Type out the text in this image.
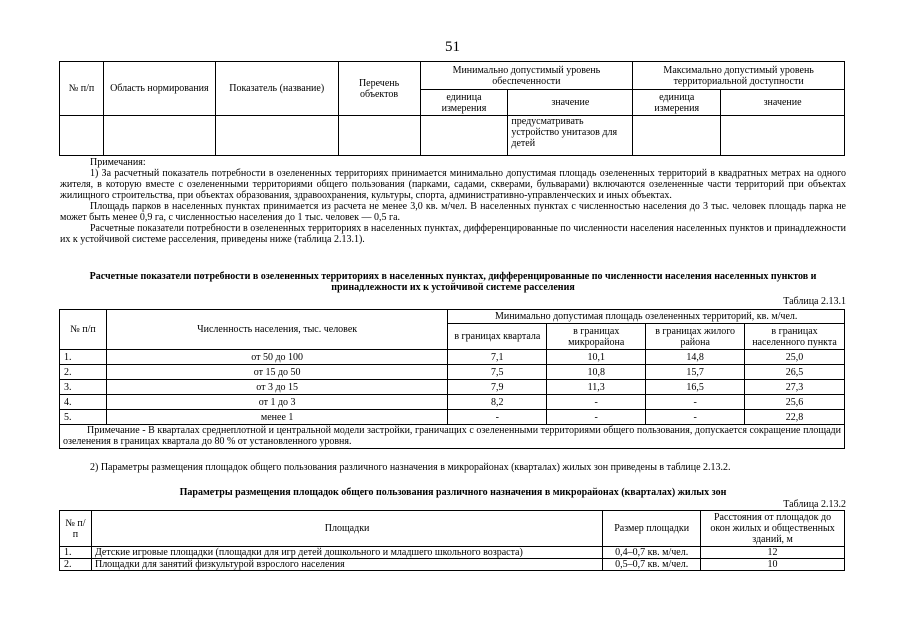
51
№ п/п	Область нормирования	Показатель (название)	Перечень объектов	Минимально допустимый уровень обеспеченности		Максимально допустимый уровень территориальной доступности	
				единица измерения	значение	единица измерения	значение
					предусматривать устройство унитазов для детей		

Примечания:

1) За расчетный показатель потребности в озелененных территориях принимается минимально допустимая площадь озелененных территорий в квадратных метрах на одного жителя, в которую вместе с озелененными территориями общего пользования (парками, садами, скверами, бульварами) включаются озелененные части территорий при объектах жилищного строительства, при объектах образования, здравоохранения, культуры, спорта, административно-управленческих и иных объектах.

Площадь парков в населенных пунктах принимается из расчета не менее 3,0 кв. м/чел. В населенных пунктах с численностью населения до 3 тыс. человек площадь парка не может быть менее 0,9 га, с численностью населения до 1 тыс. человек — 0,5 га.

Расчетные показатели потребности в озелененных территориях в населенных пунктах, дифференцированные по численности населения населенных пунктов и принадлежности их к устойчивой системе расселения, приведены ниже (таблица 2.13.1).

Расчетные показатели потребности в озелененных территориях в населенных пунктах, дифференцированные по численности населения населенных пунктов и принадлежности их к устойчивой системе расселения
Таблица 2.13.1
№ п/п	Численность населения, тыс. человек	Минимально допустимая площадь озелененных территорий, кв. м/чел.			
		в границах квартала	в границах микрорайона	в границах жилого района	в границах населенного пункта
1.	от 50 до 100	7,1	10,1	14,8	25,0
2.	от 15 до 50	7,5	10,8	15,7	26,5
3.	от 3 до 15	7,9	11,3	16,5	27,3
4.	от 1 до 3	8,2	-	-	25,6
5.	менее 1	-	-	-	22,8
Примечание - В кварталах среднеплотной и центральной модели застройки, граничащих с озелененными территориями общего пользования, допускается сокращение площади озеленения в границах квартала до 80 % от установленного уровня.					

2) Параметры размещения площадок общего пользования различного назначения в микрорайонах (кварталах) жилых зон приведены в таблице 2.13.2.

Параметры размещения площадок общего пользования различного назначения в микрорайонах (кварталах) жилых зон
Таблица 2.13.2
№ п/п	Площадки	Размер площадки	Расстояния от площадок до окон жилых и общественных зданий, м
1.	Детские игровые площадки (площадки для игр детей дошкольного и младшего школьного возраста)	0,4–0,7 кв. м/чел.	12
2.	Площадки для занятий физкультурой взрослого населения	0,5–0,7 кв. м/чел.	10
